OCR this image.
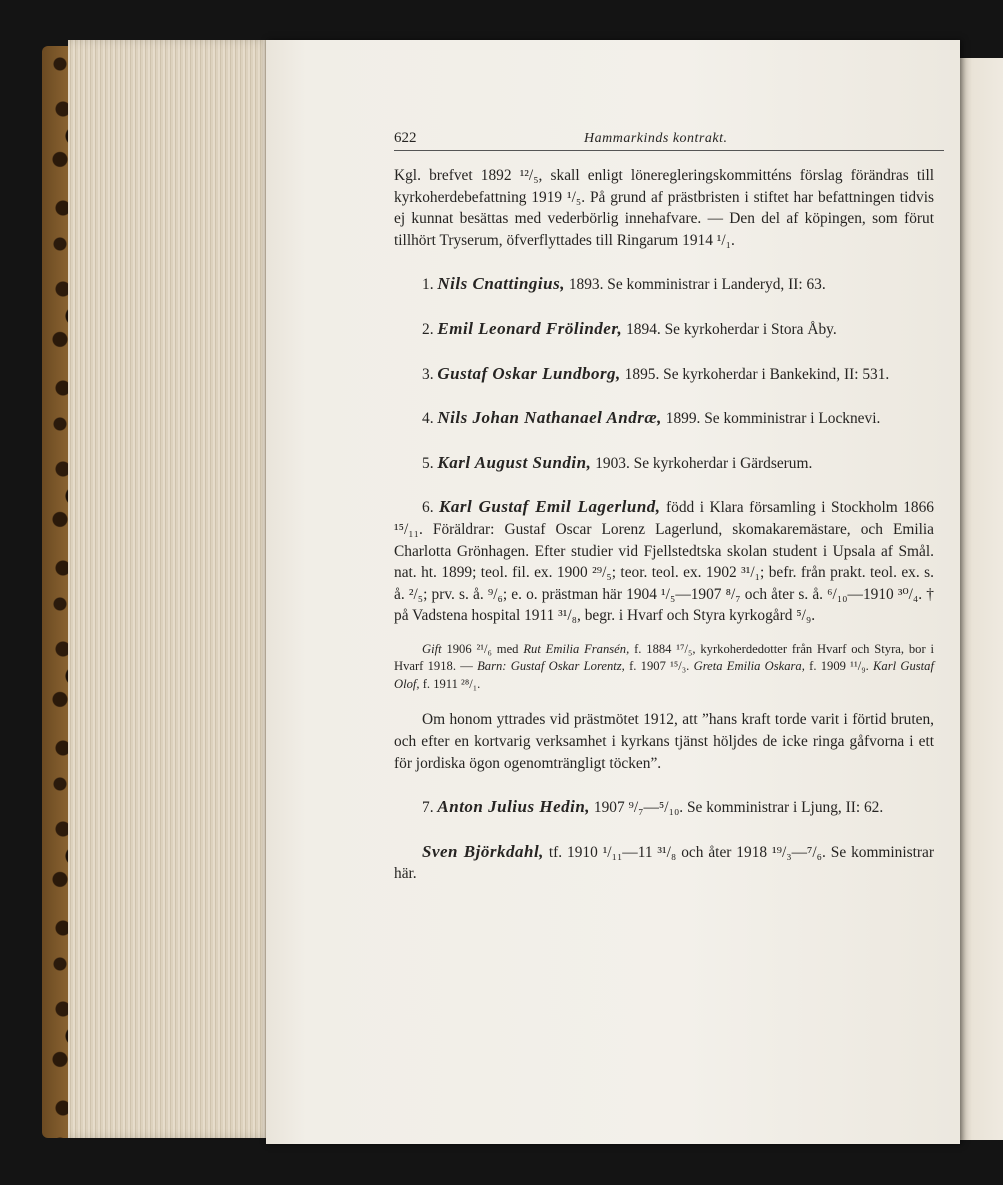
622	Hammarkinds kontrakt.

Kgl. brefvet 1892 ¹²/₅, skall enligt löneregleringskommitténs förslag förändras till kyrkoherdebefattning 1919 ¹/₅. På grund af prästbristen i stiftet har befattningen tidvis ej kunnat besättas med vederbörlig innehafvare. — Den del af köpingen, som förut tillhört Tryserum, öfverflyttades till Ringarum 1914 ¹/₁.

1. Nils Cnattingius, 1893. Se komministrar i Landeryd, II: 63.

2. Emil Leonard Frölinder, 1894. Se kyrkoherdar i Stora Åby.

3. Gustaf Oskar Lundborg, 1895. Se kyrkoherdar i Bankekind, II: 531.

4. Nils Johan Nathanael Andræ, 1899. Se komministrar i Locknevi.

5. Karl August Sundin, 1903. Se kyrkoherdar i Gärdserum.

6. Karl Gustaf Emil Lagerlund, född i Klara församling i Stockholm 1866 ¹⁵/₁₁. Föräldrar: Gustaf Oscar Lorenz Lagerlund, skomakaremästare, och Emilia Charlotta Grönhagen. Efter studier vid Fjellstedtska skolan student i Upsala af Smål. nat. ht. 1899; teol. fil. ex. 1900 ²⁹/₅; teor. teol. ex. 1902 ³¹/₁; befr. från prakt. teol. ex. s. å. ²/₅; prv. s. å. ⁹/₆; e. o. prästman här 1904 ¹/₅—1907 ⁸/₇ och åter s. å. ⁶/₁₀—1910 ³⁰/₄. † på Vadstena hospital 1911 ³¹/₈, begr. i Hvarf och Styra kyrkogård ⁵/₉.

Gift 1906 ²¹/₆ med Rut Emilia Fransén, f. 1884 ¹⁷/₅, kyrkoherdedotter från Hvarf och Styra, bor i Hvarf 1918. — Barn: Gustaf Oskar Lorentz, f. 1907 ¹⁵/₃. Greta Emilia Oskara, f. 1909 ¹¹/₉. Karl Gustaf Olof, f. 1911 ²⁸/₁.

Om honom yttrades vid prästmötet 1912, att ”hans kraft torde varit i förtid bruten, och efter en kortvarig verksamhet i kyrkans tjänst höljdes de icke ringa gåfvorna i ett för jordiska ögon ogenomträngligt töcken”.

7. Anton Julius Hedin, 1907 ⁹/₇—⁵/₁₀. Se komministrar i Ljung, II: 62.

Sven Björkdahl, tf. 1910 ¹/₁₁—11 ³¹/₈ och åter 1918 ¹⁹/₃—⁷/₆. Se komministrar här.
